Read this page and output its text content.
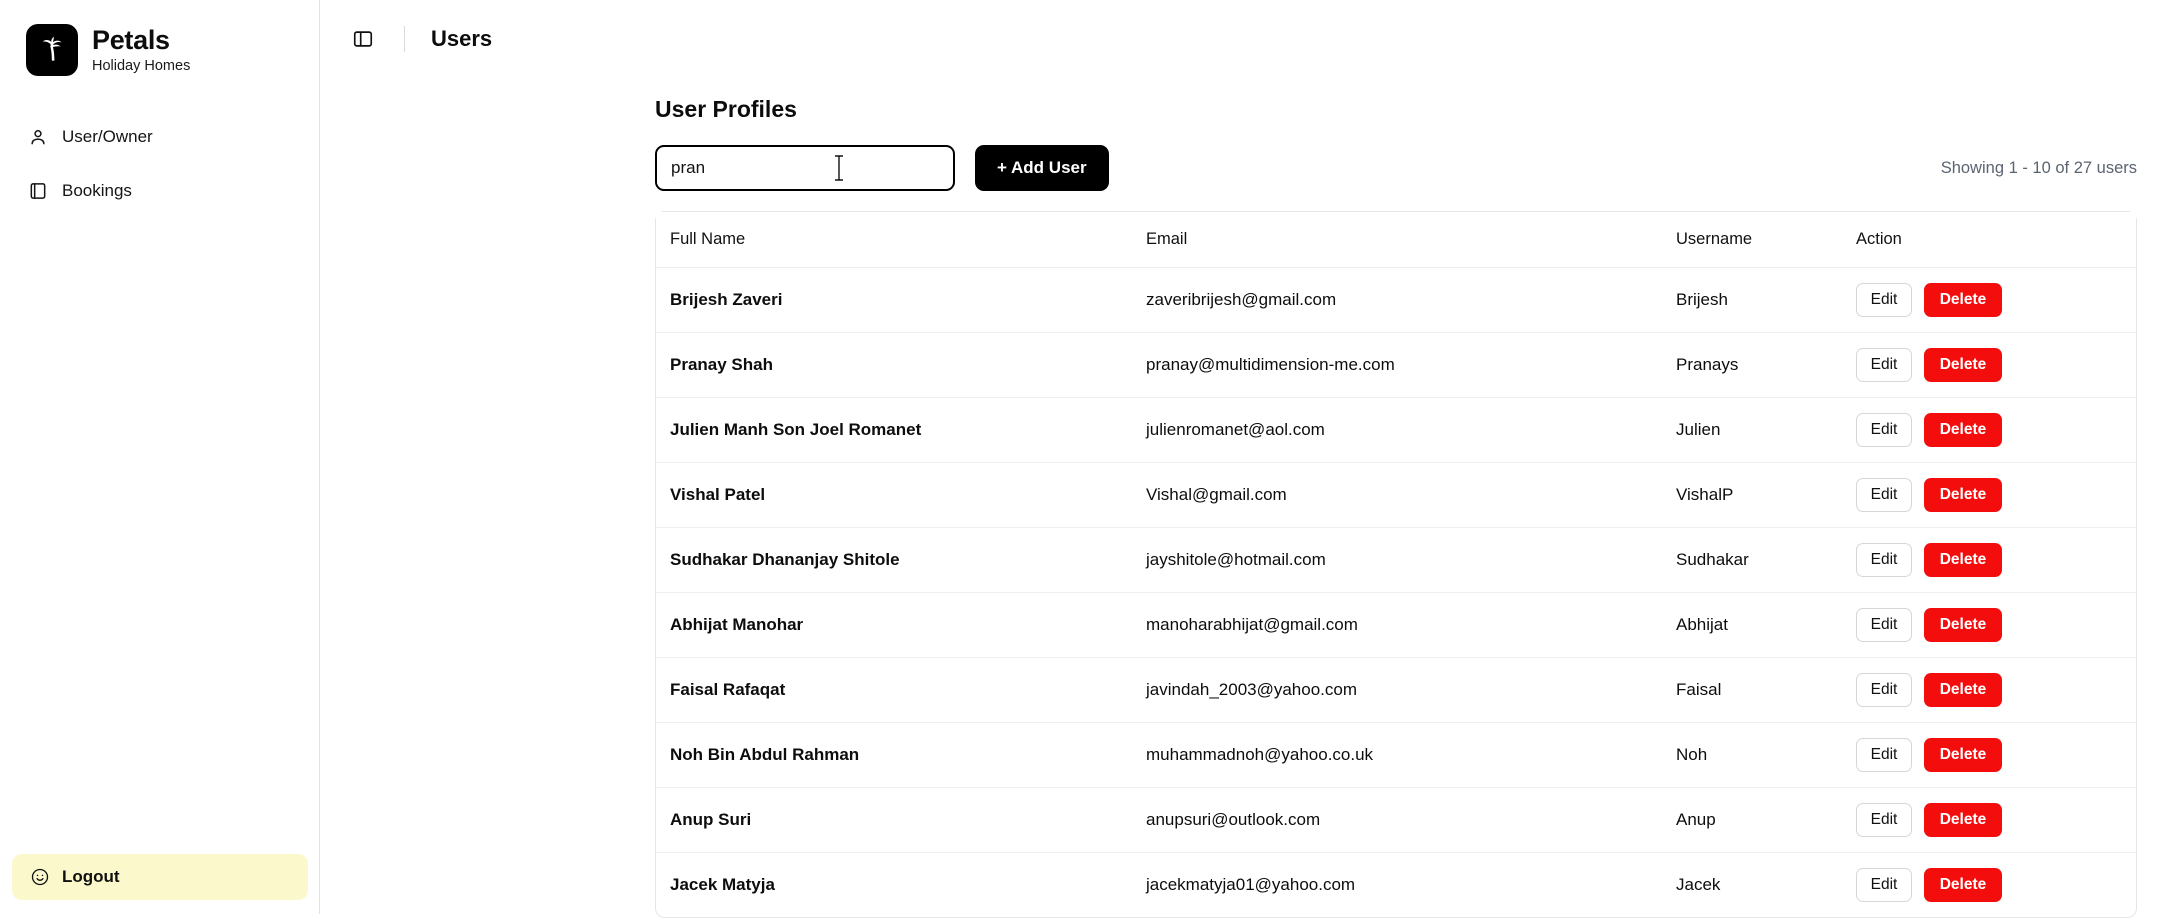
Petals
Holiday Homes
User/Owner
Bookings
Logout
Users
User Profiles
pran
+ Add User	Showing 1 - 10 of 27 users
Full Name	Email	Username	Action
Brijesh Zaveri	zaveribrijesh@gmail.com	Brijesh	Edit Delete

Pranay Shah	pranay@multidimension-me.com	Pranays	Edit Delete

Julien Manh Son Joel Romanet	julienromanet@aol.com	Julien	Edit Delete

Vishal Patel	Vishal@gmail.com	VishalP	Edit Delete

Sudhakar Dhananjay Shitole	jayshitole@hotmail.com	Sudhakar	Edit Delete

Abhijat Manohar	manoharabhijat@gmail.com	Abhijat	Edit Delete

Faisal Rafaqat	javindah_2003@yahoo.com	Faisal	Edit Delete

Noh Bin Abdul Rahman	muhammadnoh@yahoo.co.uk	Noh	Edit Delete

Anup Suri	anupsuri@outlook.com	Anup	Edit Delete

Jacek Matyja	jacekmatyja01@yahoo.com	Jacek	Edit Delete
